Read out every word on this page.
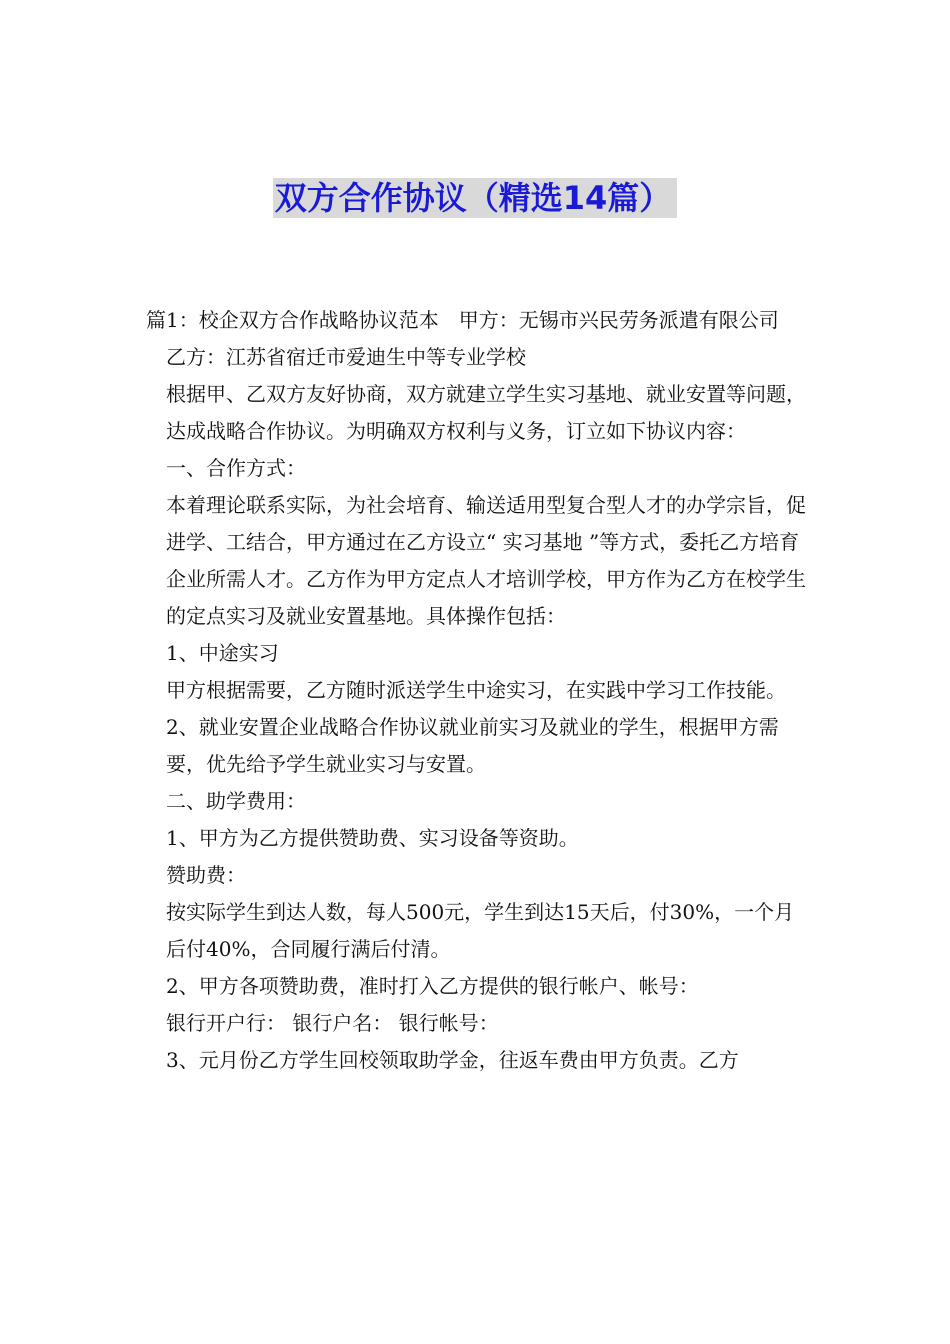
双方合作协议（精选14篇）

篇1：校企双方合作战略协议范本　甲方：无锡市兴民劳务派遣有限公司

乙方：江苏省宿迁市爱迪生中等专业学校

根据甲、乙双方友好协商，双方就建立学生实习基地、就业安置等问题，达成战略合作协议。为明确双方权利与义务，订立如下协议内容：

一、合作方式：

本着理论联系实际，为社会培育、输送适用型复合型人才的办学宗旨，促进学、工结合，甲方通过在乙方设立“ 实习基地 ”等方式，委托乙方培育企业所需人才。乙方作为甲方定点人才培训学校，甲方作为乙方在校学生的定点实习及就业安置基地。具体操作包括：

1、中途实习

甲方根据需要，乙方随时派送学生中途实习，在实践中学习工作技能。

2、就业安置企业战略合作协议就业前实习及就业的学生，根据甲方需要，优先给予学生就业实习与安置。

二、助学费用：

1、甲方为乙方提供赞助费、实习设备等资助。

赞助费：

按实际学生到达人数，每人500元，学生到达15天后，付30%，一个月后付40%，合同履行满后付清。

2、甲方各项赞助费，准时打入乙方提供的银行帐户、帐号：

银行开户行： 银行户名： 银行帐号：

3、元月份乙方学生回校领取助学金，往返车费由甲方负责。乙方
